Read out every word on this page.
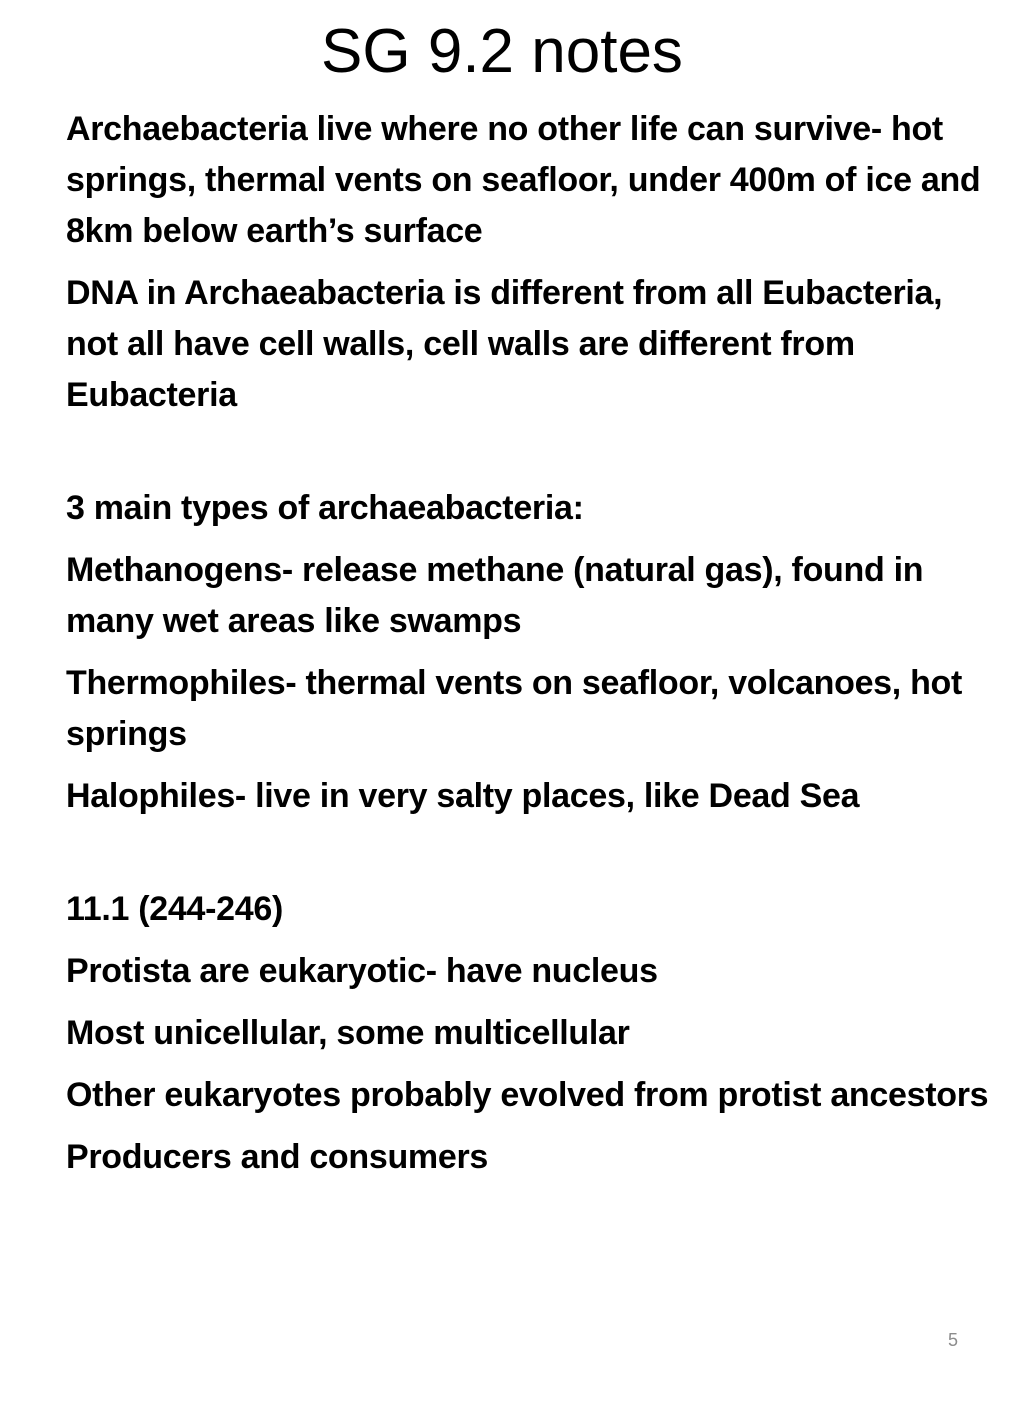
SG 9.2 notes

Archaebacteria live where no other life can survive- hot springs, thermal vents on seafloor, under 400m of ice and 8km below earth’s surface

DNA in Archaeabacteria is different from all Eubacteria, not all have cell walls, cell walls are different from Eubacteria

3 main types of archaeabacteria:

Methanogens- release methane (natural gas), found in many wet areas like swamps

Thermophiles- thermal vents on seafloor, volcanoes, hot springs

Halophiles- live in very salty places, like Dead Sea

11.1 (244-246)

Protista are eukaryotic- have nucleus

Most unicellular, some multicellular

Other eukaryotes probably evolved from protist ancestors

Producers and consumers

5
